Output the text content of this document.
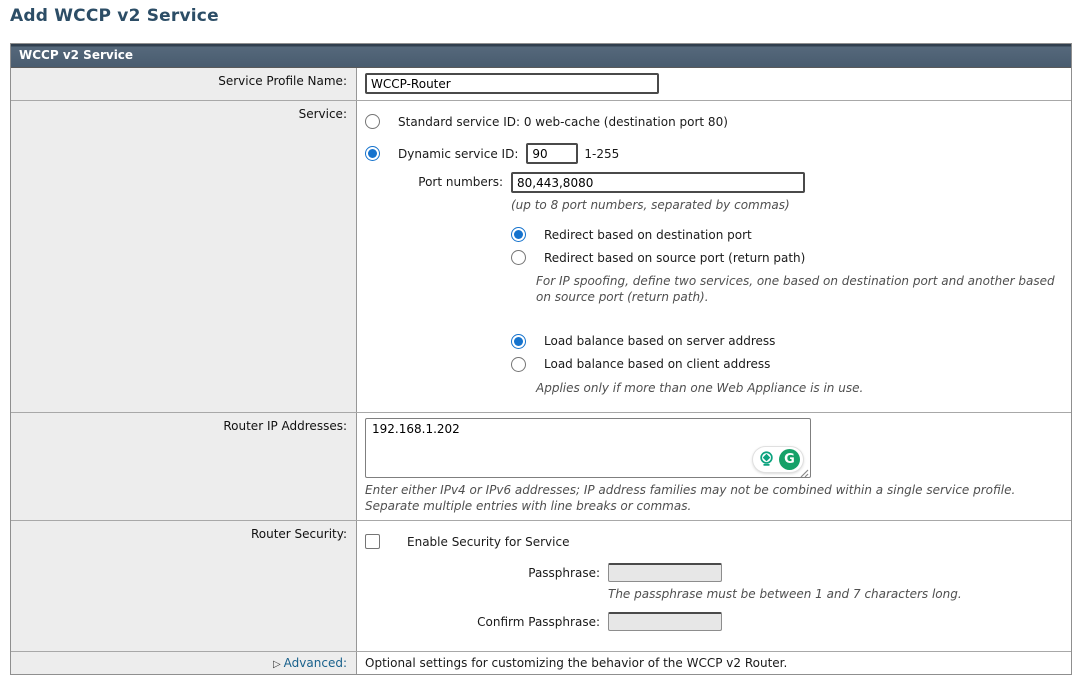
Add WCCP v2 Service
WCCP v2 Service
Service Profile Name:
WCCP-Router
Service:
Standard service ID: 0 web-cache (destination port 80)
Dynamic service ID:
90	1-255
Port numbers:
80,443,8080
(up to 8 port numbers, separated by commas)
Redirect based on destination port
Redirect based on source port (return path)
For IP spoofing, define two services, one based on destination port and another based on source port (return path).
Load balance based on server address
Load balance based on client address
Applies only if more than one Web Appliance is in use.
Router IP Addresses:	192.168.1.202
G
Enter either IPv4 or IPv6 addresses; IP address families may not be combined within a single service profile. Separate multiple entries with line breaks or commas.
Router Security:
Enable Security for Service
Passphrase:
The passphrase must be between 1 and 7 characters long.
Confirm Passphrase:
▷ Advanced:	Optional settings for customizing the behavior of the WCCP v2 Router.
